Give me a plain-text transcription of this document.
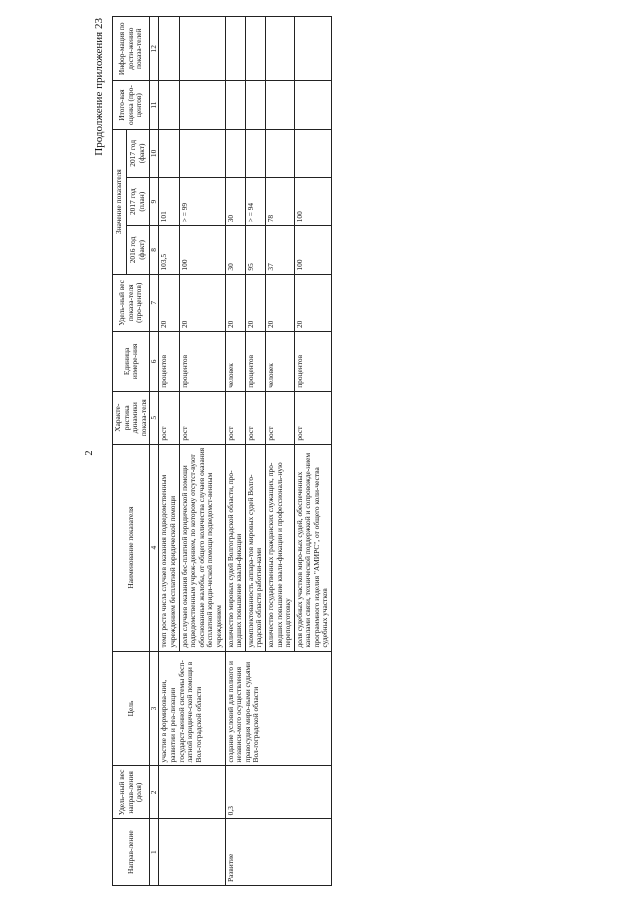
2
Продолжение приложения 23
Направ-ление	Удель-ный вес направ-ления (доля)	Цель	Наименование показателя	Характе-ристика динамики показа-теля	Единица измере-ния	Удель-ный вес показа-теля (про-центов)	Значение показателя			Итого-вая оценка (про-центов)	Инфор-мация по дости-жению показа-телей
							2016 год (факт)	2017 год (план)	2017 год (факт)		
1	2	3	4	5	6	7	8	9	10	11	12
		участие в формирова-нии, развитии и реа-лизации государст-венной системы бесп-латной юридиче-ской помощи в Вол-гоградской области	темп роста числа случаев оказания подведомственным учреждением бесплатной юридической помощи	рост	процентов	20	103,5	101			
			доля случаев оказания бес-платной юридической помощи подведомственным учреж-дением, по которому отсутст-вуют обоснованные жалобы, от общего количества случаев оказания бесплатной юриди-ческой помощи подведомст-венным учреждением	рост	процентов	20	100	> = 99			
Развитие	0,3	создание условий для полного и независи-мого осуществления правосудия миро-выми судьями Вол-гоградской области	количество мировых судей Волгоградской области, про-шедших повышение квали-фикации	рост	человек	20	30	30			
			укомплектованность аппара-тов мировых судей Волго-градской области работни-ками	рост	процентов	20	95	> = 94			
			количество государственных гражданских служащих, про-шедших повышение квали-фикации и профессиональ-ную переподготовку	рост	человек	20	37	78			
			доля судебных участков миро-вых судей, обеспеченных каналами связи, технической поддержкой и сопровожде-нием программного изделия "АМИРС", от общего коли-чества судебных участков	рост	процентов	20	100	100			
